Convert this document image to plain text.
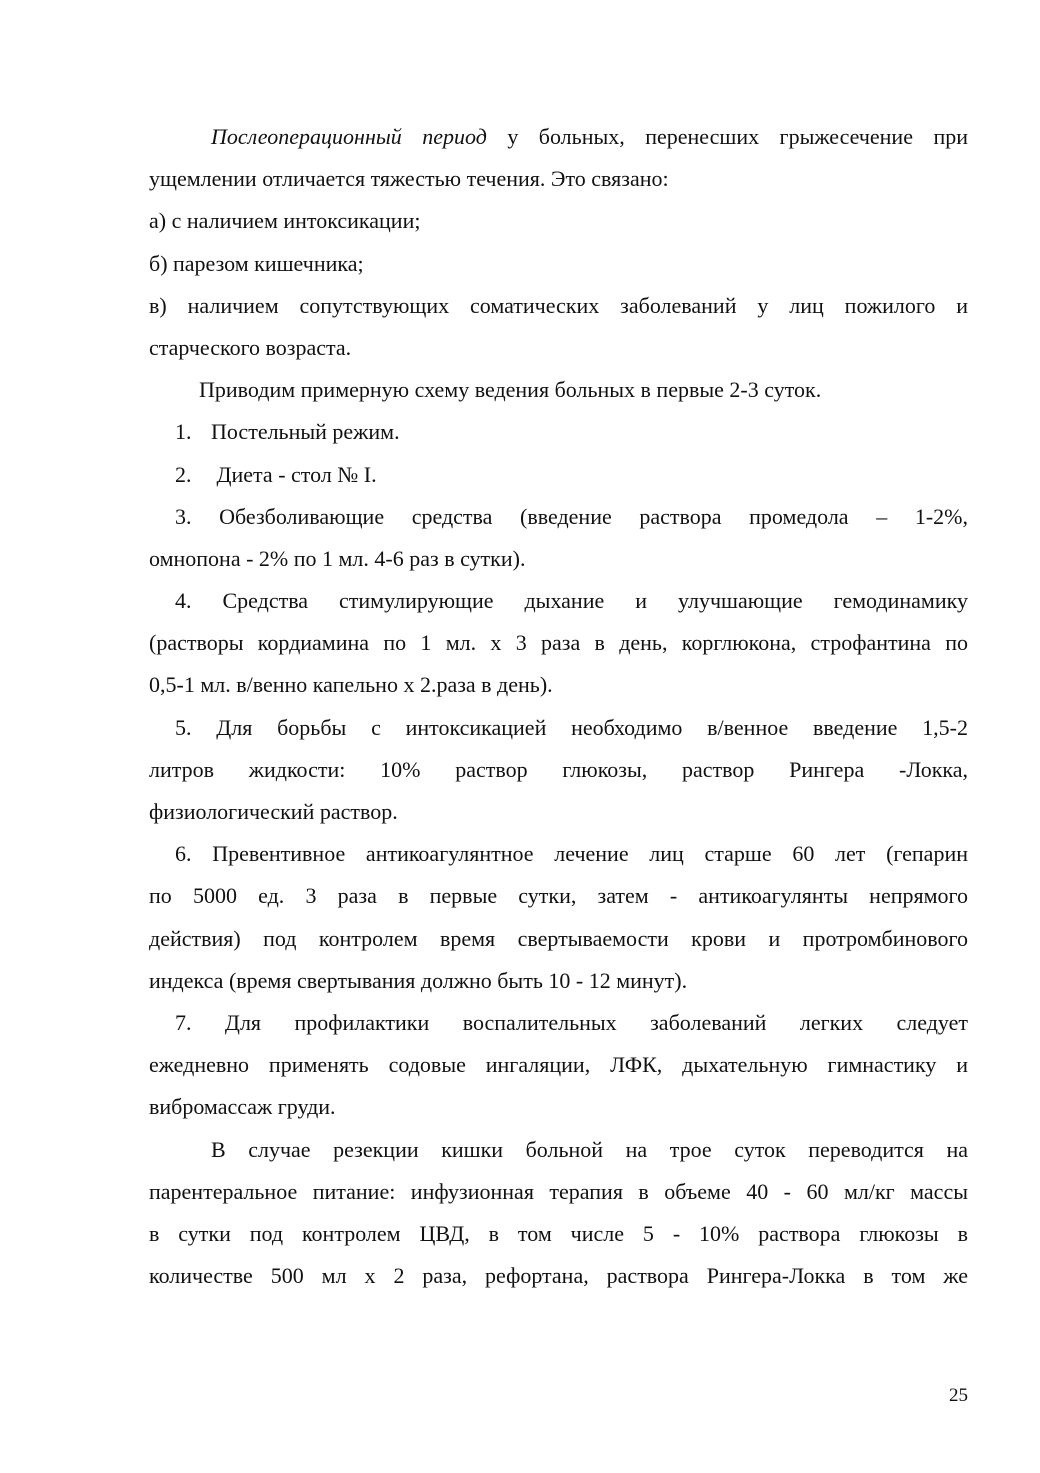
Послеоперационный период у больных, перенесших грыжесечение при
ущемлении отличается тяжестью течения. Это связано:
а) с наличием интоксикации;
б) парезом кишечника;
в) наличием сопутствующих соматических заболеваний у лиц пожилого и
старческого возраста.
Приводим примерную схему ведения больных в первые 2-3 суток.
1. Постельный режим.
2. Диета - стол № I.
3. Обезболивающие средства (введение раствора промедола – 1-2%,
омнопона - 2% по 1 мл. 4-6 раз в сутки).
4. Средства стимулирующие дыхание и улучшающие гемодинамику
(растворы кордиамина по 1 мл. х 3 раза в день, корглюкона, строфантина по
0,5-1 мл. в/венно капельно х 2.раза в день).
5. Для борьбы с интоксикацией необходимо в/венное введение 1,5-2
литров жидкости: 10% раствор глюкозы, раствор Рингера -Локка,
физиологический раствор.
6. Превентивное антикоагулянтное лечение лиц старше 60 лет (гепарин
по 5000 ед. 3 раза в первые сутки, затем - антикоагулянты непрямого
действия) под контролем время свертываемости крови и протромбинового
индекса (время свертывания должно быть 10 - 12 минут).
7. Для профилактики воспалительных заболеваний легких следует
ежедневно применять содовые ингаляции, ЛФК, дыхательную гимнастику и
вибромассаж груди.
В случае резекции кишки больной на трое суток переводится на
парентеральное питание: инфузионная терапия в объеме 40 - 60 мл/кг массы
в сутки под контролем ЦВД, в том числе 5 - 10% раствора глюкозы в
количестве 500 мл х 2 раза, рефортана, раствора Рингера-Локка в том же
25
